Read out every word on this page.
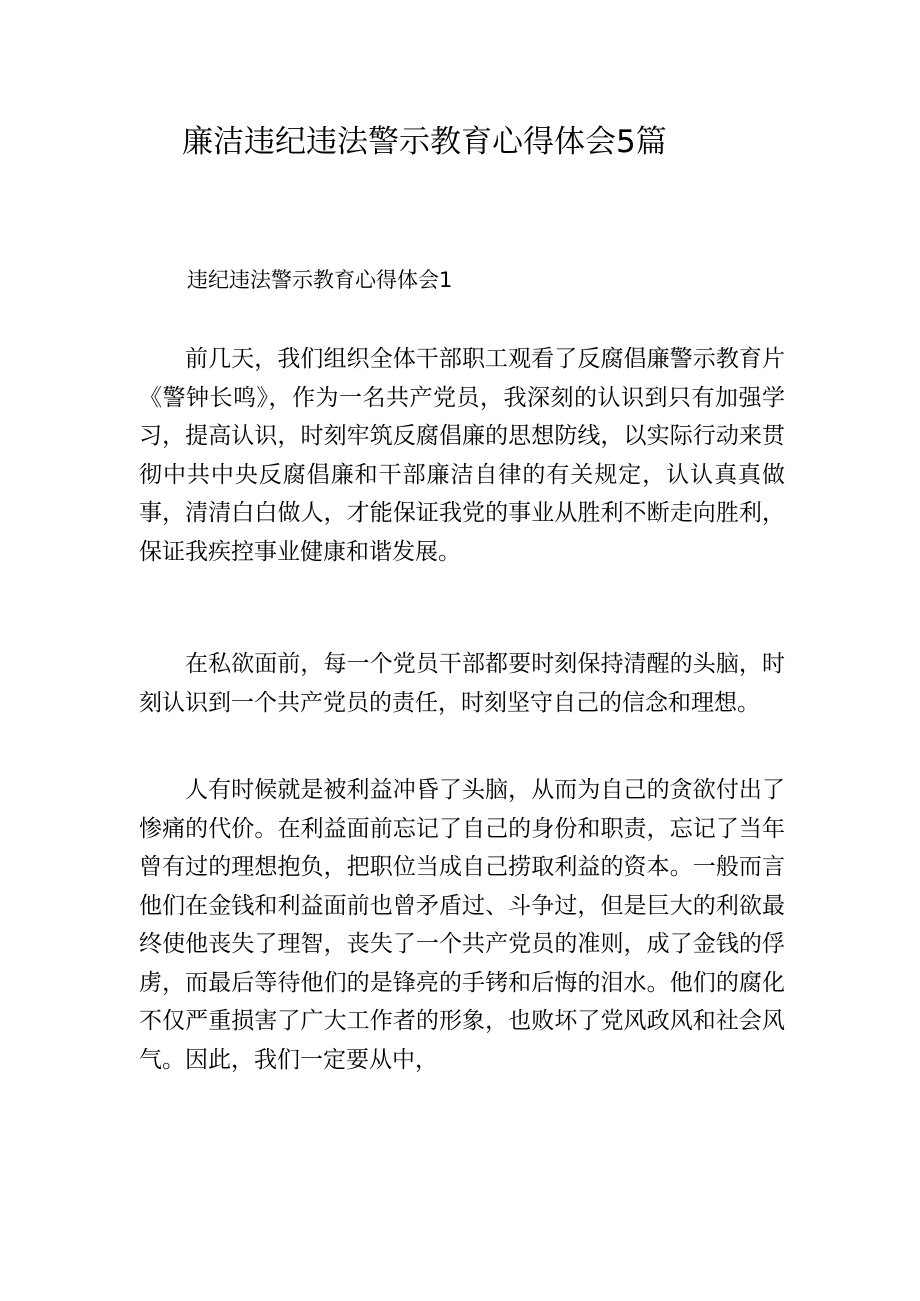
廉洁违纪违法警示教育心得体会5篇
违纪违法警示教育心得体会1

前几天，我们组织全体干部职工观看了反腐倡廉警示教育片《警钟长鸣》，作为一名共产党员，我深刻的认识到只有加强学习，提高认识，时刻牢筑反腐倡廉的思想防线，以实际行动来贯彻中共中央反腐倡廉和干部廉洁自律的有关规定，认认真真做事，清清白白做人，才能保证我党的事业从胜利不断走向胜利，保证我疾控事业健康和谐发展。

在私欲面前，每一个党员干部都要时刻保持清醒的头脑，时刻认识到一个共产党员的责任，时刻坚守自己的信念和理想。

人有时候就是被利益冲昏了头脑，从而为自己的贪欲付出了惨痛的代价。在利益面前忘记了自己的身份和职责，忘记了当年曾有过的理想抱负，把职位当成自己捞取利益的资本。一般而言他们在金钱和利益面前也曾矛盾过、斗争过，但是巨大的利欲最终使他丧失了理智，丧失了一个共产党员的准则，成了金钱的俘虏，而最后等待他们的是锋亮的手铐和后悔的泪水。他们的腐化不仅严重损害了广大工作者的形象，也败坏了党风政风和社会风气。因此，我们一定要从中，
